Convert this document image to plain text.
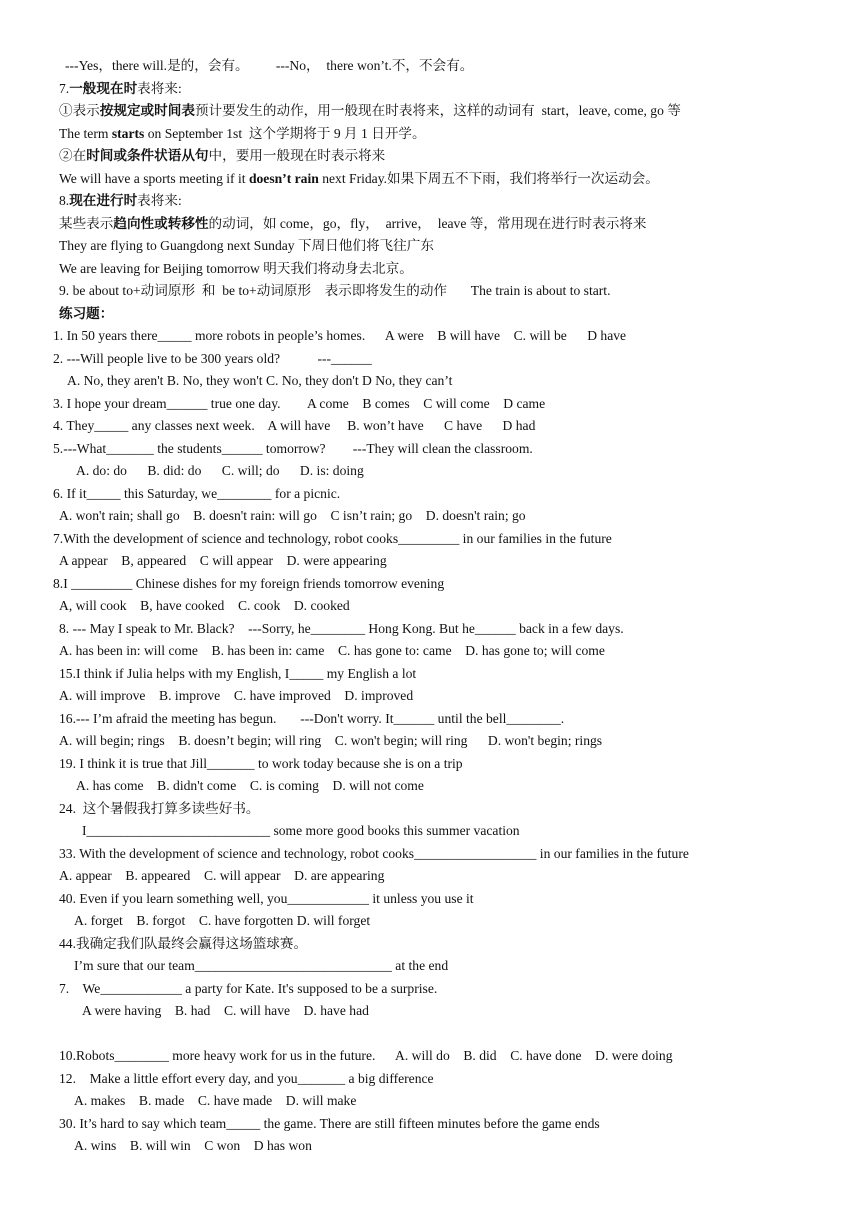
---Yes，there will.是的，会有。        ---No，  there won’t.不，不会有。
7.一般现在时表将来:
①表示按规定或时间表预计要发生的动作，用一般现在时表将来，这样的动词有  start，leave, come, go 等
The term starts on September 1st  这个学期将于 9 月 1 日开学。
②在时间或条件状语从句中，要用一般现在时表示将来
We will have a sports meeting if it doesn’t rain next Friday.如果下周五不下雨，我们将举行一次运动会。
8.现在进行时表将来:
某些表示趋向性或转移性的动词，如 come，go，fly，  arrive，  leave 等，常用现在进行时表示将来
They are flying to Guangdong next Sunday 下周日他们将飞往广东
We are leaving for Beijing tomorrow 明天我们将动身去北京。
9. be about to+动词原形  和  be to+动词原形    表示即将发生的动作       The train is about to start.
练习题：
1. In 50 years there_____ more robots in people’s homes.      A were    B will have    C. will be      D have
2. ---Will people live to be 300 years old?           ---______
A. No, they aren't B. No, they won't C. No, they don't D No, they can’t
3. I hope your dream______ true one day.        A come    B comes    C will come    D came
4. They_____ any classes next week.    A will have     B. won’t have      C have      D had
5.---What_______ the students______ tomorrow?        ---They will clean the classroom.
A. do: do      B. did: do      C. will; do      D. is: doing
6. If it_____ this Saturday, we________ for a picnic.
A. won't rain; shall go    B. doesn't rain: will go    C isn’t rain; go    D. doesn't rain; go
7.With the development of science and technology, robot cooks_________ in our families in the future
A appear    B, appeared    C will appear    D. were appearing
8.I _________ Chinese dishes for my foreign friends tomorrow evening
A, will cook    B, have cooked    C. cook    D. cooked
8. --- May I speak to Mr. Black?    ---Sorry, he________ Hong Kong. But he______ back in a few days.
A. has been in: will come    B. has been in: came    C. has gone to: came    D. has gone to; will come
15.I think if Julia helps with my English, I_____ my English a lot
A. will improve    B. improve    C. have improved    D. improved
16.--- I’m afraid the meeting has begun.       ---Don't worry. It______ until the bell________.
A. will begin; rings    B. doesn’t begin; will ring    C. won't begin; will ring      D. won't begin; rings
19. I think it is true that Jill_______ to work today because she is on a trip
A. has come    B. didn't come    C. is coming    D. will not come
24.  这个暑假我打算多读些好书。
I___________________________ some more good books this summer vacation
33. With the development of science and technology, robot cooks__________________ in our families in the future
A. appear    B. appeared    C. will appear    D. are appearing
40. Even if you learn something well, you____________ it unless you use it
A. forget    B. forgot    C. have forgotten D. will forget
44.我确定我们队最终会赢得这场篮球赛。
I’m sure that our team_____________________________ at the end
7.    We____________ a party for Kate. It's supposed to be a surprise.
A were having    B. had    C. will have    D. have had
10.Robots________ more heavy work for us in the future.      A. will do    B. did    C. have done    D. were doing
12.    Make a little effort every day, and you_______ a big difference
A. makes    B. made    C. have made    D. will make
30. It’s hard to say which team_____ the game. There are still fifteen minutes before the game ends
A. wins    B. will win    C won    D has won
